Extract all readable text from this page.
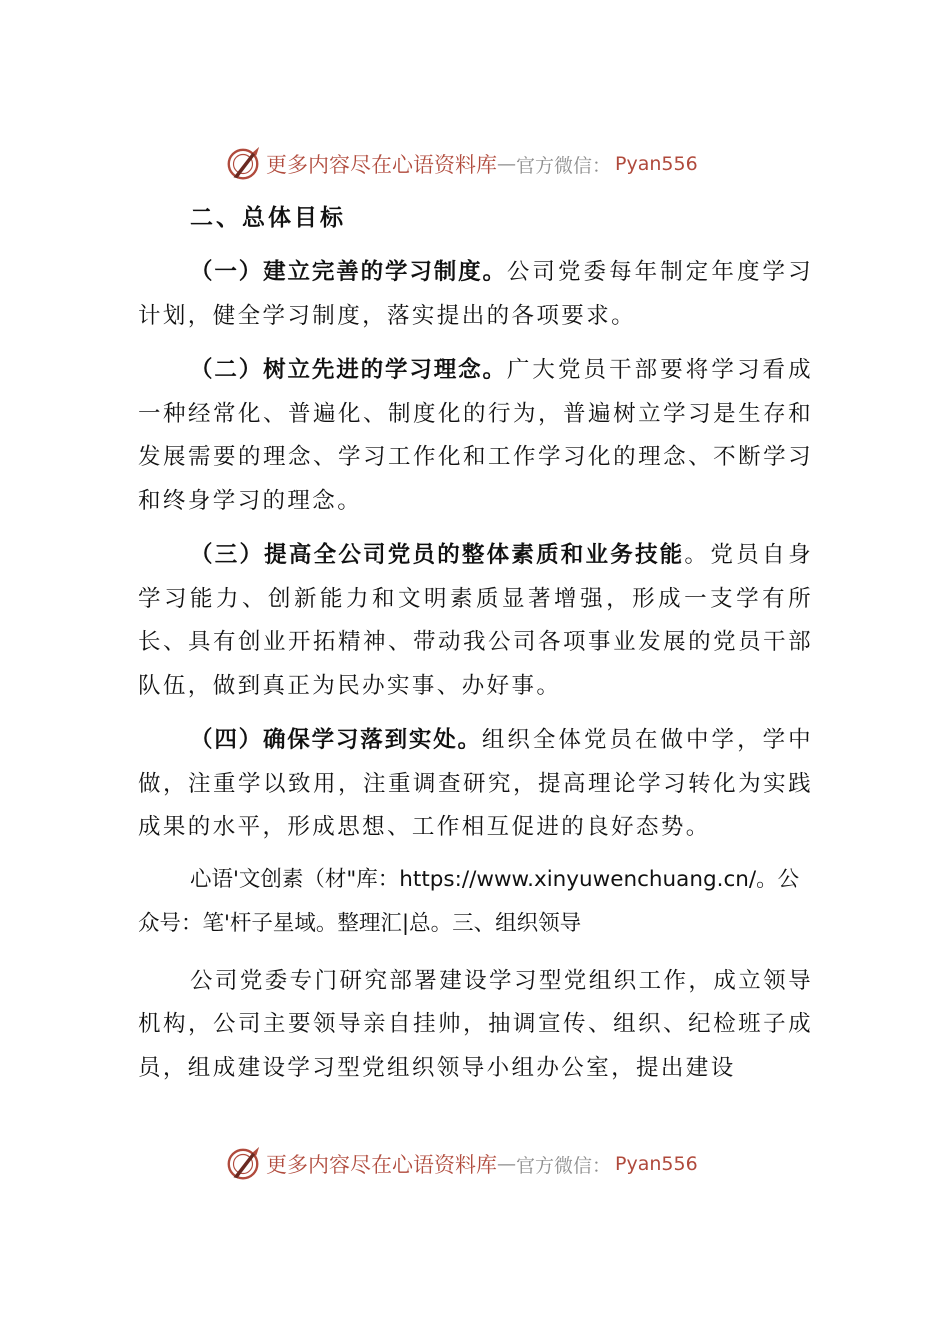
更多内容尽在心语资料库 — 官方微信： Pyan556
二、总体目标

（一）建立完善的学习制度。公司党委每年制定年度学习计划，健全学习制度，落实提出的各项要求。

（二）树立先进的学习理念。广大党员干部要将学习看成一种经常化、普遍化、制度化的行为，普遍树立学习是生存和发展需要的理念、学习工作化和工作学习化的理念、不断学习和终身学习的理念。

（三）提高全公司党员的整体素质和业务技能。党员自身学习能力、创新能力和文明素质显著增强，形成一支学有所长、具有创业开拓精神、带动我公司各项事业发展的党员干部队伍，做到真正为民办实事、办好事。

（四）确保学习落到实处。组织全体党员在做中学，学中做，注重学以致用，注重调查研究，提高理论学习转化为实践成果的水平，形成思想、工作相互促进的良好态势。

心语'文创素（材"库：https://www.xinyuwenchuang.cn/。公众号：笔'杆子星域。整理汇|总。三、组织领导

公司党委专门研究部署建设学习型党组织工作，成立领导机构，公司主要领导亲自挂帅，抽调宣传、组织、纪检班子成员，组成建设学习型党组织领导小组办公室，提出建设

更多内容尽在心语资料库 — 官方微信： Pyan556
